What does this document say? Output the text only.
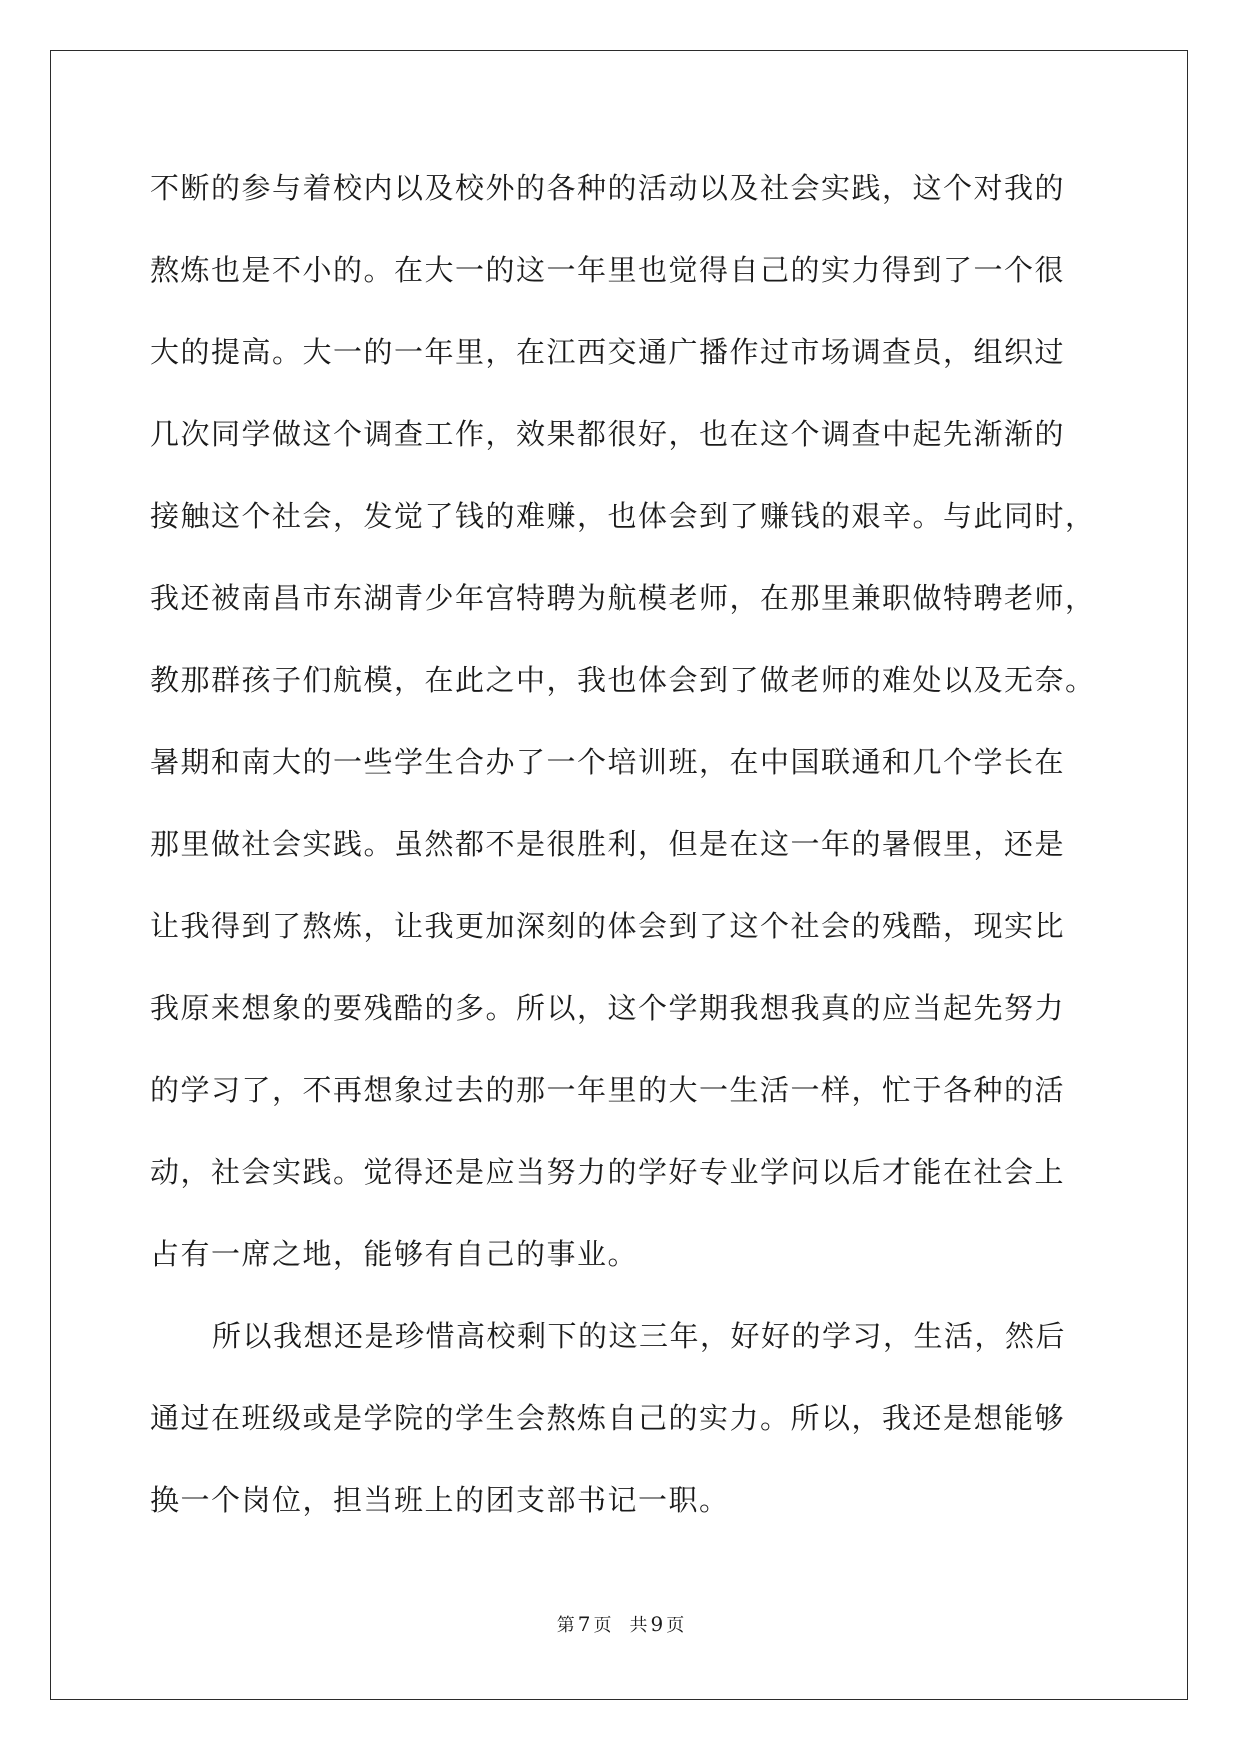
不断的参与着校内以及校外的各种的活动以及社会实践，这个对我的
熬炼也是不小的。在大一的这一年里也觉得自己的实力得到了一个很
大的提高。大一的一年里，在江西交通广播作过市场调查员，组织过
几次同学做这个调查工作，效果都很好，也在这个调查中起先渐渐的
接触这个社会，发觉了钱的难赚，也体会到了赚钱的艰辛。与此同时，
我还被南昌市东湖青少年宫特聘为航模老师，在那里兼职做特聘老师，
教那群孩子们航模，在此之中，我也体会到了做老师的难处以及无奈。
暑期和南大的一些学生合办了一个培训班，在中国联通和几个学长在
那里做社会实践。虽然都不是很胜利，但是在这一年的暑假里，还是
让我得到了熬炼，让我更加深刻的体会到了这个社会的残酷，现实比
我原来想象的要残酷的多。所以，这个学期我想我真的应当起先努力
的学习了，不再想象过去的那一年里的大一生活一样，忙于各种的活
动，社会实践。觉得还是应当努力的学好专业学问以后才能在社会上
占有一席之地，能够有自己的事业。
所以我想还是珍惜高校剩下的这三年，好好的学习，生活，然后
通过在班级或是学院的学生会熬炼自己的实力。所以，我还是想能够
换一个岗位，担当班上的团支部书记一职。
第 7 页 共 9 页
